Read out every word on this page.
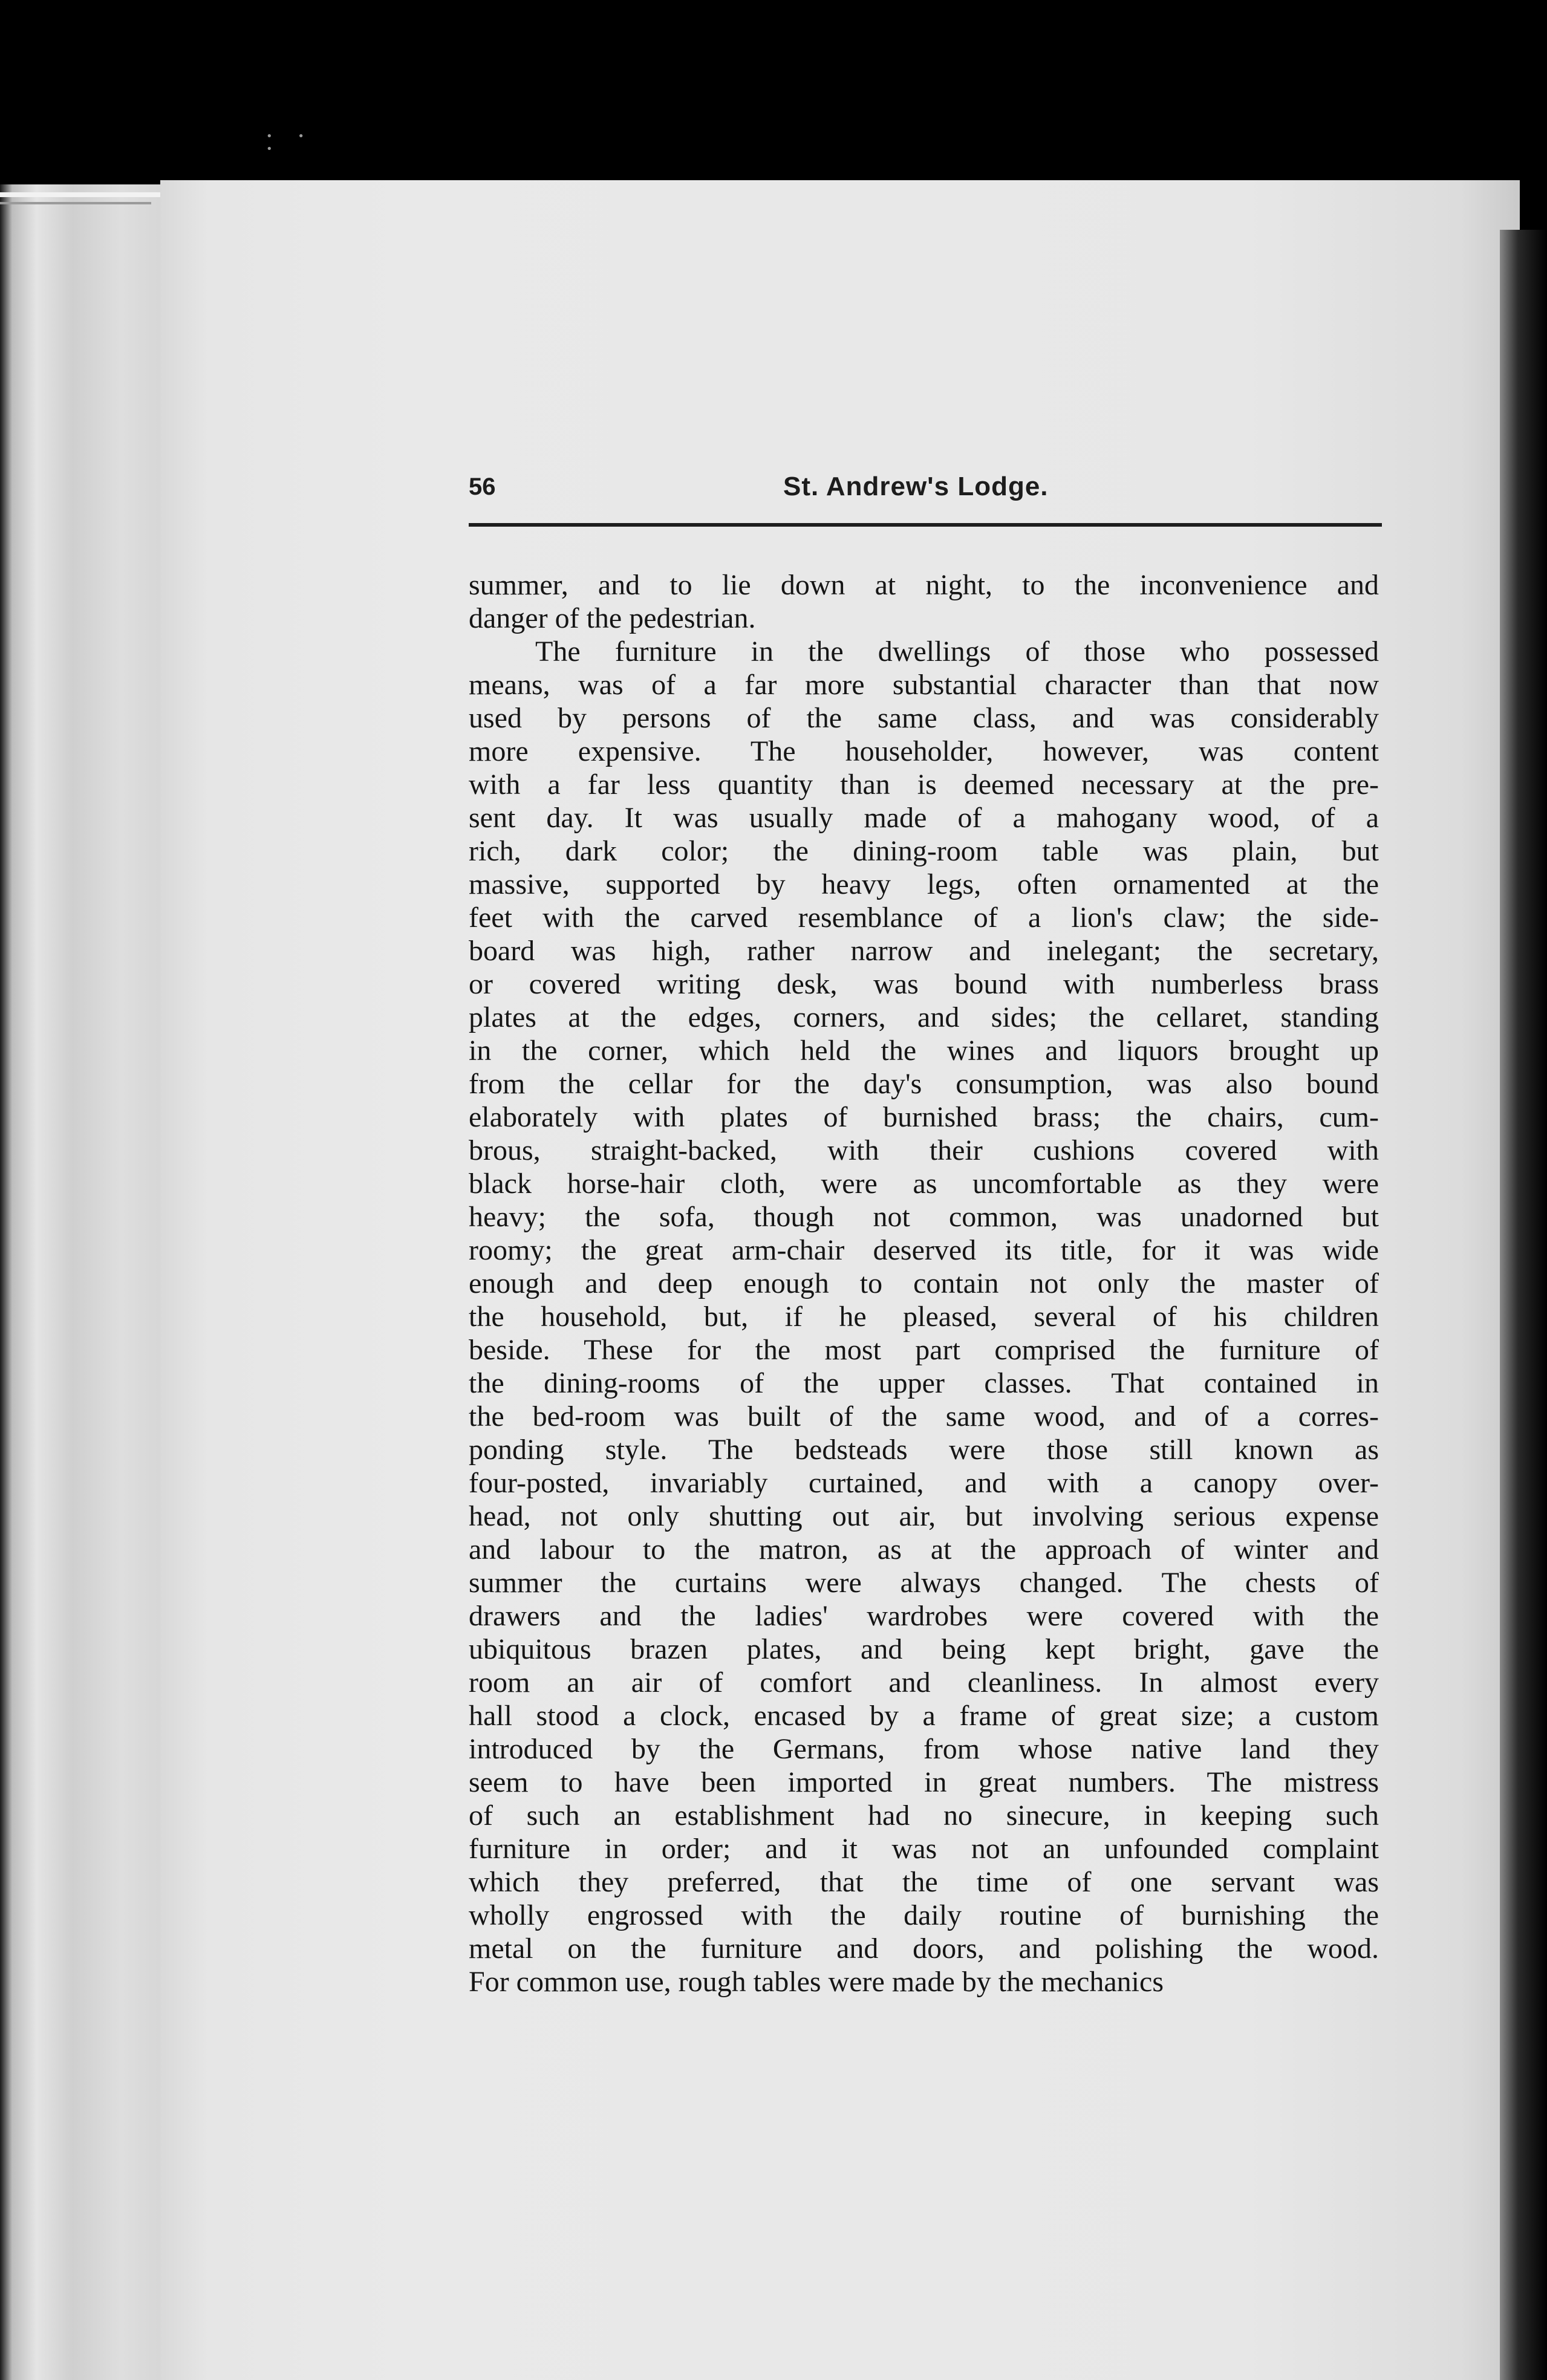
• • •
56	St. Andrew's Lodge.
summer, and to lie down at night, to the inconvenience and
danger of the pedestrian.
The furniture in the dwellings of those who possessed
means, was of a far more substantial character than that now
used by persons of the same class, and was considerably
more expensive. The householder, however, was content
with a far less quantity than is deemed necessary at the pre-
sent day. It was usually made of a mahogany wood, of a
rich, dark color; the dining-room table was plain, but
massive, supported by heavy legs, often ornamented at the
feet with the carved resemblance of a lion's claw; the side-
board was high, rather narrow and inelegant; the secretary,
or covered writing desk, was bound with numberless brass
plates at the edges, corners, and sides; the cellaret, standing
in the corner, which held the wines and liquors brought up
from the cellar for the day's consumption, was also bound
elaborately with plates of burnished brass; the chairs, cum-
brous, straight-backed, with their cushions covered with
black horse-hair cloth, were as uncomfortable as they were
heavy; the sofa, though not common, was unadorned but
roomy; the great arm-chair deserved its title, for it was wide
enough and deep enough to contain not only the master of
the household, but, if he pleased, several of his children
beside. These for the most part comprised the furniture of
the dining-rooms of the upper classes. That contained in
the bed-room was built of the same wood, and of a corres-
ponding style. The bedsteads were those still known as
four-posted, invariably curtained, and with a canopy over-
head, not only shutting out air, but involving serious expense
and labour to the matron, as at the approach of winter and
summer the curtains were always changed. The chests of
drawers and the ladies' wardrobes were covered with the
ubiquitous brazen plates, and being kept bright, gave the
room an air of comfort and cleanliness. In almost every
hall stood a clock, encased by a frame of great size; a custom
introduced by the Germans, from whose native land they
seem to have been imported in great numbers. The mistress
of such an establishment had no sinecure, in keeping such
furniture in order; and it was not an unfounded complaint
which they preferred, that the time of one servant was
wholly engrossed with the daily routine of burnishing the
metal on the furniture and doors, and polishing the wood.
For common use, rough tables were made by the mechanics
